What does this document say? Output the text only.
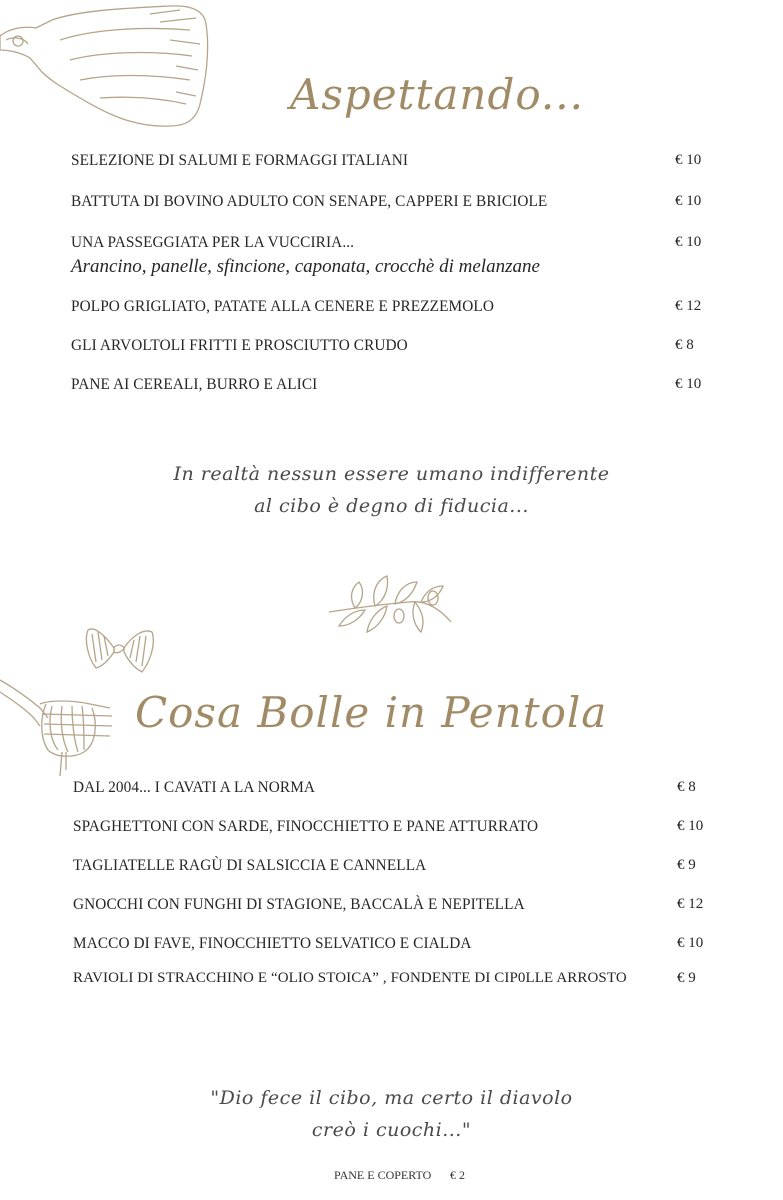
Aspettando...
SELEZIONE DI SALUMI E FORMAGGI ITALIANI	€ 10
BATTUTA DI BOVINO ADULTO CON SENAPE, CAPPERI E BRICIOLE	€ 10
UNA PASSEGGIATA PER LA VUCCIRIA...	€ 10
Arancino, panelle, sfincione, caponata, crocchè di melanzane
POLPO GRIGLIATO, PATATE ALLA CENERE E PREZZEMOLO	€ 12
GLI ARVOLTOLI FRITTI E PROSCIUTTO CRUDO	€ 8
PANE AI CEREALI, BURRO E ALICI	€ 10
In realtà nessun essere umano indifferente
al cibo è degno di fiducia...
Cosa Bolle in Pentola
DAL 2004... I CAVATI A LA NORMA	€ 8
SPAGHETTONI CON SARDE, FINOCCHIETTO E PANE ATTURRATO	€ 10
TAGLIATELLE RAGÙ DI SALSICCIA E CANNELLA	€ 9
GNOCCHI CON FUNGHI DI STAGIONE, BACCALÀ E NEPITELLA	€ 12
MACCO DI FAVE, FINOCCHIETTO SELVATICO E CIALDA	€ 10
RAVIOLI DI STRACCHINO E “OLIO STOICA” , FONDENTE DI CIP0LLE ARROSTO	€ 9
"Dio fece il cibo, ma certo il diavolo
creò i cuochi..."
PANE E COPERTO € 2
